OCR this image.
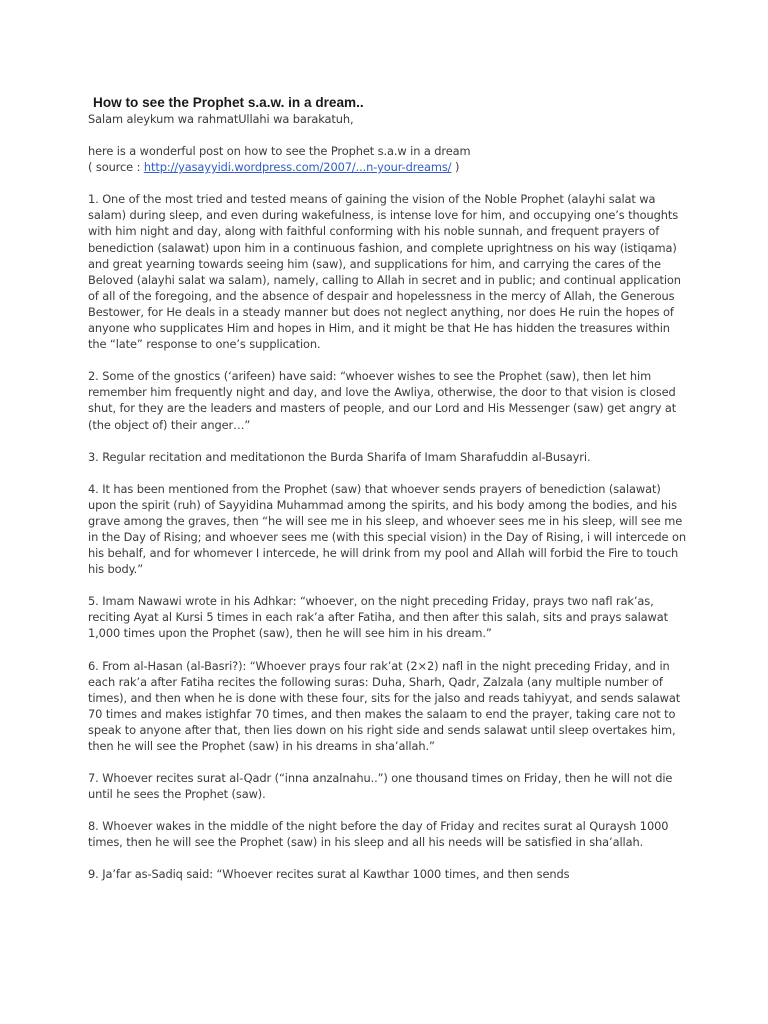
How to see the Prophet s.a.w. in a dream..

Salam aleykum wa rahmatUllahi wa barakatuh,

here is a wonderful post on how to see the Prophet s.a.w in a dream

( source : http://yasayyidi.wordpress.com/2007/...n-your-dreams/ )

1. One of the most tried and tested means of gaining the vision of the Noble Prophet (alayhi salat wa salam) during sleep, and even during wakefulness, is intense love for him, and occupying one’s thoughts with him night and day, along with faithful conforming with his noble sunnah, and frequent prayers of benediction (salawat) upon him in a continuous fashion, and complete uprightness on his way (istiqama) and great yearning towards seeing him (saw), and supplications for him, and carrying the cares of the Beloved (alayhi salat wa salam), namely, calling to Allah in secret and in public; and continual application of all of the foregoing, and the absence of despair and hopelessness in the mercy of Allah, the Generous Bestower, for He deals in a steady manner but does not neglect anything, nor does He ruin the hopes of anyone who supplicates Him and hopes in Him, and it might be that He has hidden the treasures within the “late” response to one’s supplication.

2. Some of the gnostics (‘arifeen) have said: “whoever wishes to see the Prophet (saw), then let him remember him frequently night and day, and love the Awliya, otherwise, the door to that vision is closed shut, for they are the leaders and masters of people, and our Lord and His Messenger (saw) get angry at (the object of) their anger…”

3. Regular recitation and meditationon the Burda Sharifa of Imam Sharafuddin al-Busayri.

4. It has been mentioned from the Prophet (saw) that whoever sends prayers of benediction (salawat) upon the spirit (ruh) of Sayyidina Muhammad among the spirits, and his body among the bodies, and his grave among the graves, then “he will see me in his sleep, and whoever sees me in his sleep, will see me in the Day of Rising; and whoever sees me (with this special vision) in the Day of Rising, i will intercede on his behalf, and for whomever I intercede, he will drink from my pool and Allah will forbid the Fire to touch his body.”

5. Imam Nawawi wrote in his Adhkar: “whoever, on the night preceding Friday, prays two nafl rak’as, reciting Ayat al Kursi 5 times in each rak’a after Fatiha, and then after this salah, sits and prays salawat 1,000 times upon the Prophet (saw), then he will see him in his dream.”

6. From al-Hasan (al-Basri?): “Whoever prays four rak’at (2×2) nafl in the night preceding Friday, and in each rak’a after Fatiha recites the following suras: Duha, Sharh, Qadr, Zalzala (any multiple number of times), and then when he is done with these four, sits for the jalso and reads tahiyyat, and sends salawat 70 times and makes istighfar 70 times, and then makes the salaam to end the prayer, taking care not to speak to anyone after that, then lies down on his right side and sends salawat until sleep overtakes him, then he will see the Prophet (saw) in his dreams in sha’allah.”

7. Whoever recites surat al-Qadr (“inna anzalnahu..”) one thousand times on Friday, then he will not die until he sees the Prophet (saw).

8. Whoever wakes in the middle of the night before the day of Friday and recites surat al Quraysh 1000 times, then he will see the Prophet (saw) in his sleep and all his needs will be satisfied in sha’allah.

9. Ja’far as-Sadiq said: “Whoever recites surat al Kawthar 1000 times, and then sends
